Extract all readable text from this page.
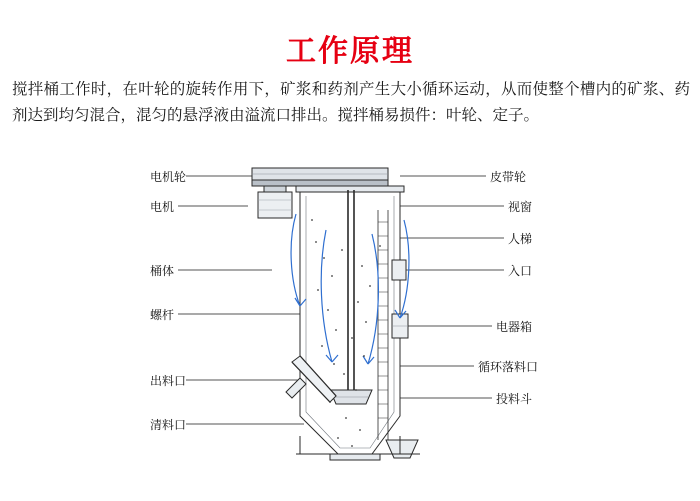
工作原理
搅拌桶工作时，在叶轮的旋转作用下，矿浆和药剂产生大小循环运动，从而使整个槽内的矿浆、药剂达到均匀混合，混匀的悬浮液由溢流口排出。搅拌桶易损件：叶轮、定子。
电机轮
电机
桶体
螺杆
出料口
清料口
皮带轮
视窗
人梯
入口
电器箱
循环落料口
投料斗
